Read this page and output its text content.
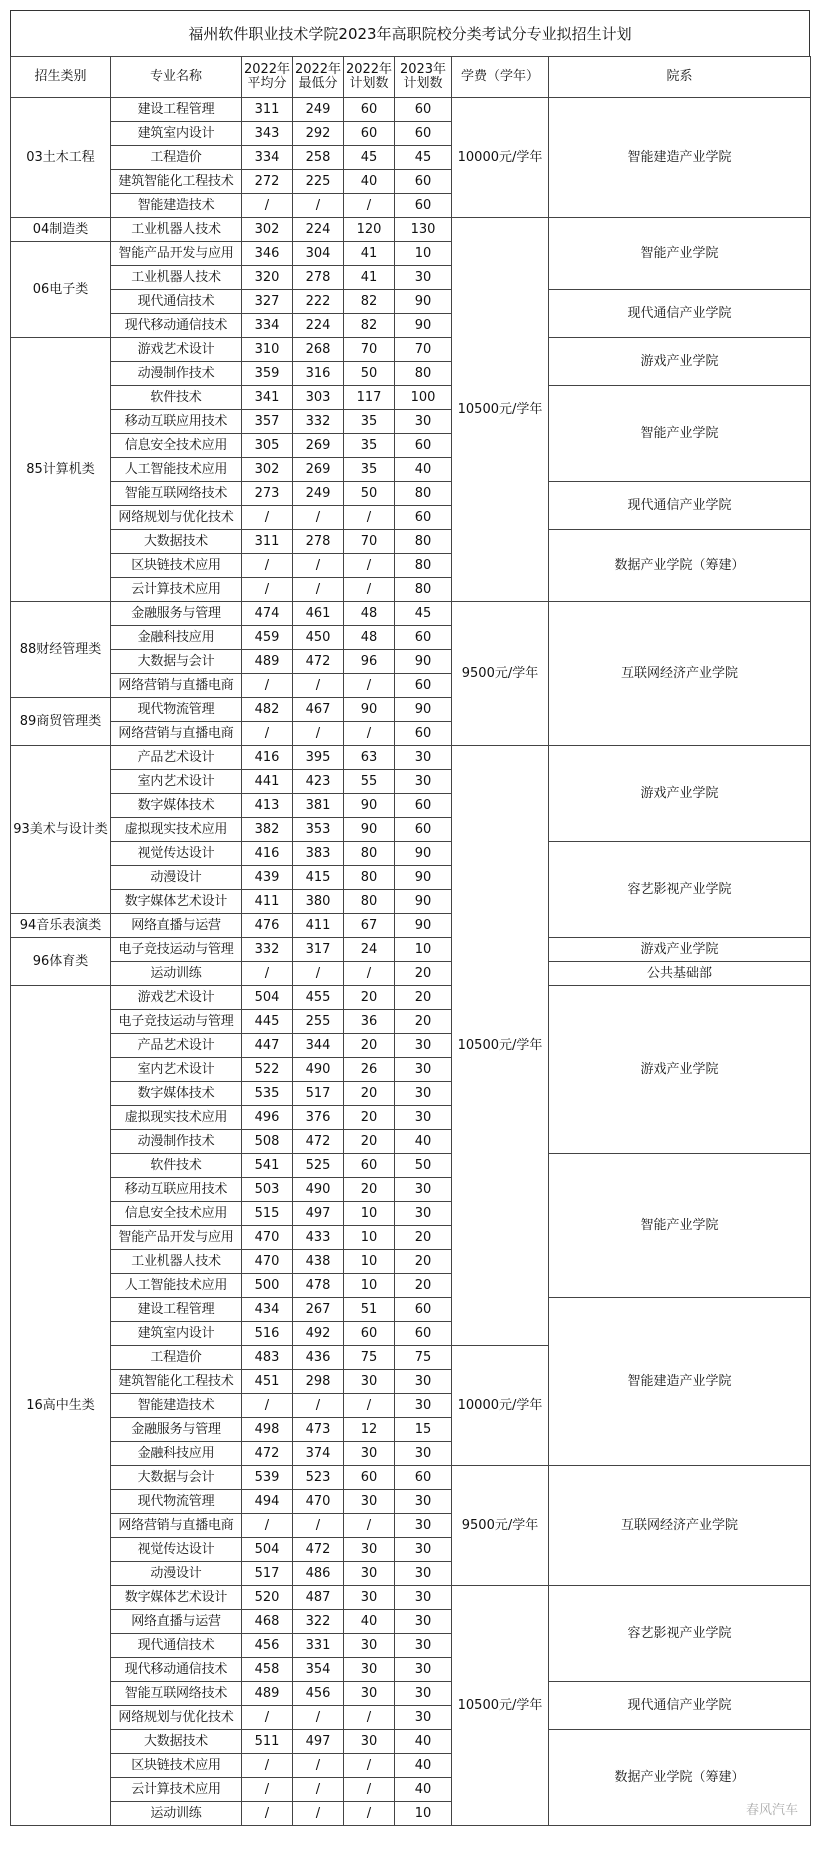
福州软件职业技术学院2023年高职院校分类考试分专业拟招生计划
招生类别	专业名称	2022年平均分	2022年最低分	2022年计划数	2023年计划数	学费（学年）	院系
03土木工程	建设工程管理	311	249	60	60	10000元/学年	智能建造产业学院
	建筑室内设计	343	292	60	60		
	工程造价	334	258	45	45		
	建筑智能化工程技术	272	225	40	60		
	智能建造技术	/	/	/	60		
04制造类	工业机器人技术	302	224	120	130	10500元/学年	智能产业学院
06电子类	智能产品开发与应用	346	304	41	10		
	工业机器人技术	320	278	41	30		
	现代通信技术	327	222	82	90		现代通信产业学院
	现代移动通信技术	334	224	82	90		
85计算机类	游戏艺术设计	310	268	70	70		游戏产业学院
	动漫制作技术	359	316	50	80		
	软件技术	341	303	117	100		智能产业学院
	移动互联应用技术	357	332	35	30		
	信息安全技术应用	305	269	35	60		
	人工智能技术应用	302	269	35	40		
	智能互联网络技术	273	249	50	80		现代通信产业学院
	网络规划与优化技术	/	/	/	60		
	大数据技术	311	278	70	80		数据产业学院（筹建）
	区块链技术应用	/	/	/	80		
	云计算技术应用	/	/	/	80		
88财经管理类	金融服务与管理	474	461	48	45	9500元/学年	互联网经济产业学院
	金融科技应用	459	450	48	60		
	大数据与会计	489	472	96	90		
	网络营销与直播电商	/	/	/	60		
89商贸管理类	现代物流管理	482	467	90	90		
	网络营销与直播电商	/	/	/	60		
93美术与设计类	产品艺术设计	416	395	63	30	10500元/学年	游戏产业学院
	室内艺术设计	441	423	55	30		
	数字媒体技术	413	381	90	60		
	虚拟现实技术应用	382	353	90	60		
	视觉传达设计	416	383	80	90		容艺影视产业学院
	动漫设计	439	415	80	90		
	数字媒体艺术设计	411	380	80	90		
94音乐表演类	网络直播与运营	476	411	67	90		
96体育类	电子竞技运动与管理	332	317	24	10		游戏产业学院
	运动训练	/	/	/	20		公共基础部
16高中生类	游戏艺术设计	504	455	20	20		游戏产业学院
	电子竞技运动与管理	445	255	36	20		
	产品艺术设计	447	344	20	30		
	室内艺术设计	522	490	26	30		
	数字媒体技术	535	517	20	30		
	虚拟现实技术应用	496	376	20	30		
	动漫制作技术	508	472	20	40		
	软件技术	541	525	60	50		智能产业学院
	移动互联应用技术	503	490	20	30		
	信息安全技术应用	515	497	10	30		
	智能产品开发与应用	470	433	10	20		
	工业机器人技术	470	438	10	20		
	人工智能技术应用	500	478	10	20		
	建设工程管理	434	267	51	60		智能建造产业学院
	建筑室内设计	516	492	60	60		
	工程造价	483	436	75	75	10000元/学年	
	建筑智能化工程技术	451	298	30	30		
	智能建造技术	/	/	/	30		
	金融服务与管理	498	473	12	15		
	金融科技应用	472	374	30	30		
	大数据与会计	539	523	60	60	9500元/学年	互联网经济产业学院
	现代物流管理	494	470	30	30		
	网络营销与直播电商	/	/	/	30		
	视觉传达设计	504	472	30	30		
	动漫设计	517	486	30	30		
	数字媒体艺术设计	520	487	30	30	10500元/学年	容艺影视产业学院
	网络直播与运营	468	322	40	30		
	现代通信技术	456	331	30	30		
	现代移动通信技术	458	354	30	30		
	智能互联网络技术	489	456	30	30		现代通信产业学院
	网络规划与优化技术	/	/	/	30		
	大数据技术	511	497	30	40		数据产业学院（筹建）
	区块链技术应用	/	/	/	40		
	云计算技术应用	/	/	/	40		
	运动训练	/	/	/	10			春风汽车
